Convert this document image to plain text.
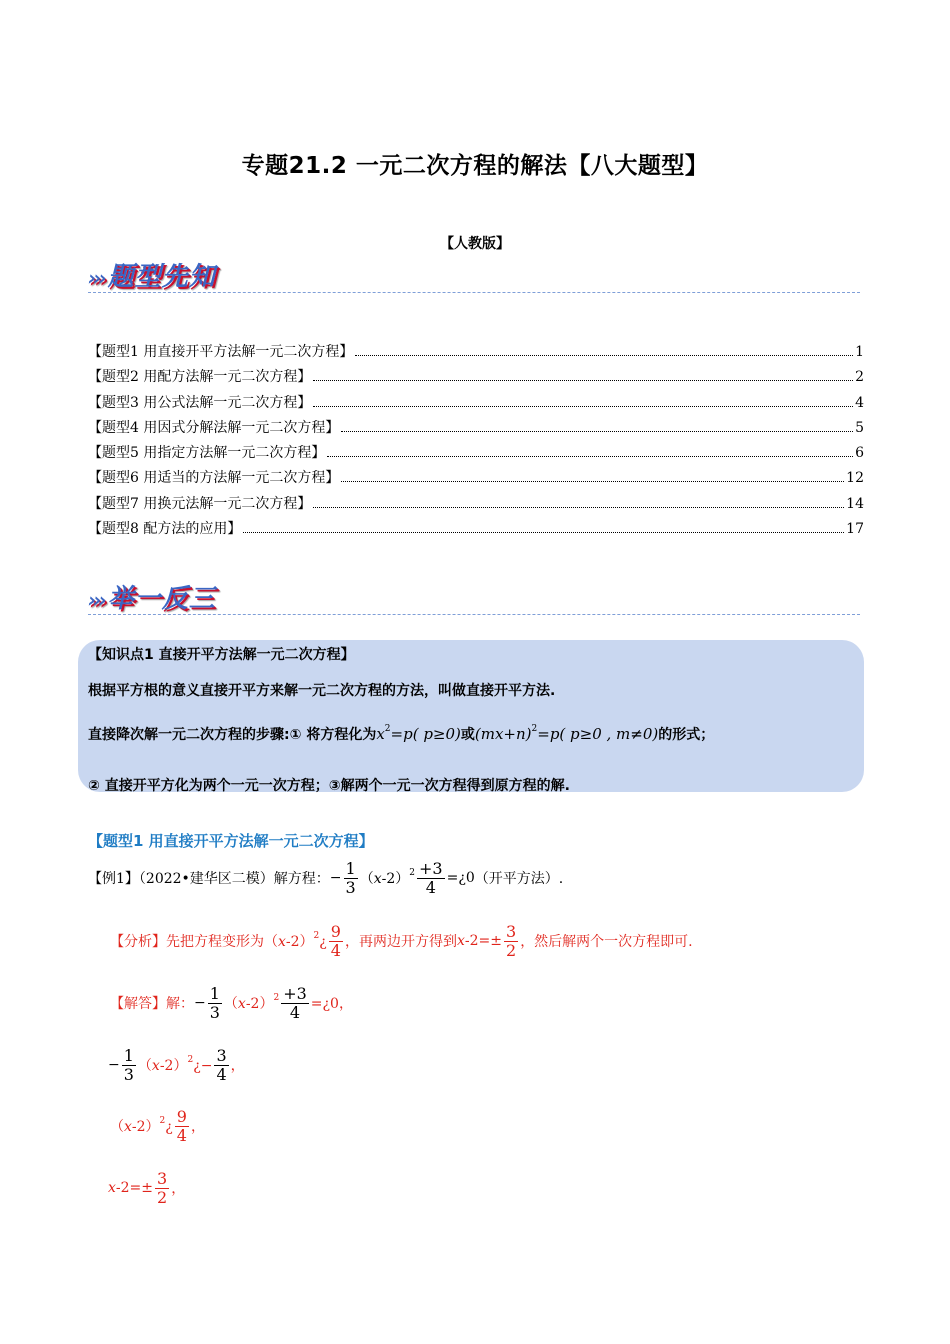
专题21.2 一元二次方程的解法【八大题型】
【人教版】
››› 题型先知
【题型1 用直接开平方法解一元二次方程】	1
【题型2 用配方法解一元二次方程】	2
【题型3 用公式法解一元二次方程】	4
【题型4 用因式分解法解一元二次方程】	5
【题型5 用指定方法解一元二次方程】	6
【题型6 用适当的方法解一元二次方程】	12
【题型7 用换元法解一元二次方程】	14
【题型8 配方法的应用】	17
››› 举一反三
【知识点1 直接开平方法解一元二次方程】
根据平方根的意义直接开平方来解一元二次方程的方法，叫做直接开平方法.
直接降次解一元二次方程的步骤:① 将方程化为 $x^2=p$( p≥0) 或 $(mx+n)^2=p$( p≥0 , m≠0) 的形式；
② 直接开平方化为两个一元一次方程；③解两个一元一次方程得到原方程的解.
【题型1 用直接开平方法解一元二次方程】
【例1】（2022•建华区二模）解方程： − $\frac{1}{3}$ （x‐2）$^2$ $\frac{+3}{4}$ =¿0 （开平方法）.
【分析】 先把方程变形为（ x‐2）$^2$¿ $\frac{9}{4}$ ，再两边开方得到 x‐2=± $\frac{3}{2}$ ，然后解两个一次方程即可.
【解答】 解： − $\frac{1}{3}$ （x‐2）$^2$ $\frac{+3}{4}$ =¿0，
− $\frac{1}{3}$ （x‐2）$^2$¿− $\frac{3}{4}$ ，
（x‐2）$^2$¿ $\frac{9}{4}$ ，
x‐2=± $\frac{3}{2}$ ，
